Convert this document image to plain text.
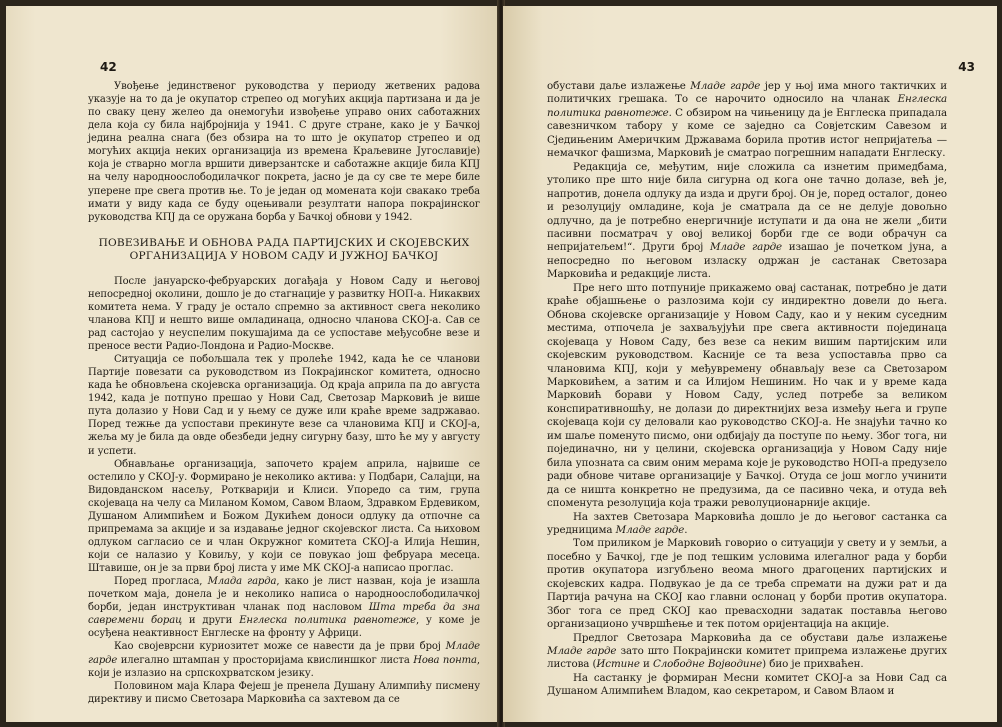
42

Увођење јединственог руководства у периоду жетвених радова указује на то да је окупатор стрепео од могућих акција партизана и да је по сваку цену желео да онемогући извођење управо оних саботажних дела која су била најбројнија у 1941. С друге стране, како је у Бачкој једина реална снага (без обзира на то што је окупатор стрепео и од могућих акција неких организација из времена Краљевине Југославије) која је стварно могла вршити диверзантске и саботажне акције била КПЈ на челу народноослободилачког покрета, јасно је да су све те мере биле уперене пре свега против ње. То је један од момената који свакако треба имати у виду када се буду оцењивали резултати напора покрајинског руководства КПЈ да се оружана борба у Бачкој обнови у 1942.

ПОВЕЗИВАЊЕ И ОБНОВА РАДА ПАРТИЈСКИХ И СКОЈЕВСКИХ
ОРГАНИЗАЦИЈА У НОВОМ САДУ И ЈУЖНОЈ БАЧКОЈ

После јануарско-фебруарских догађаја у Новом Саду и његовој непосредној околини, дошло је до стагнације у развитку НОП-а. Никаквих комитета нема. У граду је остало спремно за активност свега неколико чланова КПЈ и нешто више омладинаца, односно чланова СКОЈ-а. Сав се рад састојао у неуспелим покушајима да се успоставе међусобне везе и преносе вести Радио-Лондона и Радио-Москве.

Ситуација се побољшала тек у пролеће 1942, када ће се чланови Партије повезати са руководством из Покрајинског комитета, односно када ће обновљена скојевска организација. Од краја априла па до августа 1942, када је потпуно прешао у Нови Сад, Светозар Марковић је више пута долазио у Нови Сад и у њему се дуже или краће време задржавао. Поред тежње да успостави прекинуте везе са члановима КПЈ и СКОЈ-а, жеља му је била да овде обезбеди једну сигурну базу, што ће му у августу и успети.

Обнављање организација, започето крајем априла, највише се остелило у СКОЈ-у. Формирано је неколико актива: у Подбари, Салајци, на Видовданском насељу, Роткварији и Клиси. Упоредо са тим, група скојеваца на челу са Миланом Комом, Савом Влаом, Здравком Ердевиком, Душаном Алимпићем и Божом Дукићем доноси одлуку да отпочне са припремама за акције и за издавање једног скојевског листа. Са њиховом одлуком сагласио се и члан Окружног комитета СКОЈ-а Илија Нешин, који се налазио у Ковиљу, у који се повукао још фебруара месеца. Штавише, он је за први број листа у име МК СКОЈ-а написао проглас.

Поред прогласа, Млада гарда, како је лист назван, која је изашла почетком маја, донела је и неколико написа о народноослободилачкој борби, један инструктиван чланак под насловом Шта треба да зна савремени борац и други Енглеска политика равнотеже, у коме је осуђена неактивност Енглеске на фронту у Африци.

Као својеврсни куриозитет може се навести да је први број Младе гарде илегално штампан у просторијама квислиншког листа Нова понта, који је излазио на српскохрватском језику.

Половином маја Клара Фејеш је пренела Душану Алимпићу писмену директиву и писмо Светозара Марковића са захтевом да се

43

обустави даље излажење Младе гарде јер у њој има много тактичких и политичких грешака. То се нарочито односило на чланак Енглеска политика равнотеже. С обзиром на чињеницу да је Енглеска припадала савезничком табору у коме се заједно са Совјетским Савезом и Сједињеним Америчким Државама борила против истог непријатеља — немачког фашизма, Марковић је сматрао погрешним нападати Енглеску.

Редакција се, међутим, није сложила са изнетим примедбама, утолико пре што није била сигурна од кога оне тачно долазе, већ је, напротив, донела одлуку да изда и други број. Он је, поред осталог, донео и резолуцију омладине, која је сматрала да се не делује довољно одлучно, да је потребно енергичније иступати и да она не жели „бити пасивни посматрач у овој великој борби где се води обрачун са непријатељем!“. Други број Младе гарде изашао је почетком јуна, а непосредно по његовом изласку одржан је састанак Светозара Марковића и редакције листа.

Пре него што потпуније прикажемо овај састанак, потребно је дати краће објашњење о разлозима који су индиректно довели до њега. Обнова скојевске организације у Новом Саду, као и у неким суседним местима, отпочела је захваљујући пре свега активности појединаца скојеваца у Новом Саду, без везе са неким вишим партијским или скојевским руководством. Касније се та веза успоставља прво са члановима КПЈ, који у међувремену обнављају везе са Светозаром Марковићем, а затим и са Илијом Нешиним. Но чак и у време када Марковић борави у Новом Саду, услед потребе за великом конспиративношћу, не долази до директнијих веза између њега и групе скојеваца који су деловали као руководство СКОЈ-а. Не знајући тачно ко им шаље поменуто писмо, они одбијају да поступе по њему. Због тога, ни појединачно, ни у целини, скојевска организација у Новом Саду није била упозната са свим оним мерама које је руководство НОП-а предузело ради обнове читаве организације у Бачкој. Отуда се још могло учинити да се ништа конкретно не предузима, да се пасивно чека, и отуда већ споменута резолуција која тражи револуционарније акције.

На захтев Светозара Марковића дошло је до његовог састанка са уредницима Младе гарде.

Том приликом је Марковић говорио о ситуацији у свету и у земљи, а посебно у Бачкој, где је под тешким условима илегалног рада у борби против окупатора изгубљено веома много драгоцених партијских и скојевских кадра. Подвукао је да се треба спремати на дужи рат и да Партија рачуна на СКОЈ као главни ослонац у борби против окупатора. Због тога се пред СКОЈ као превасходни задатак поставља његово организационо учвршћење и тек потом оријентација на акције.

Предлог Светозара Марковића да се обустави даље излажење Младе гарде зато што Покрајински комитет припрема излажење других листова (Истине и Слободне Војводине) био је прихваћен.

На састанку је формиран Месни комитет СКОЈ-а за Нови Сад са Душаном Алимпићем Владом, као секретаром, и Савом Влаом и
